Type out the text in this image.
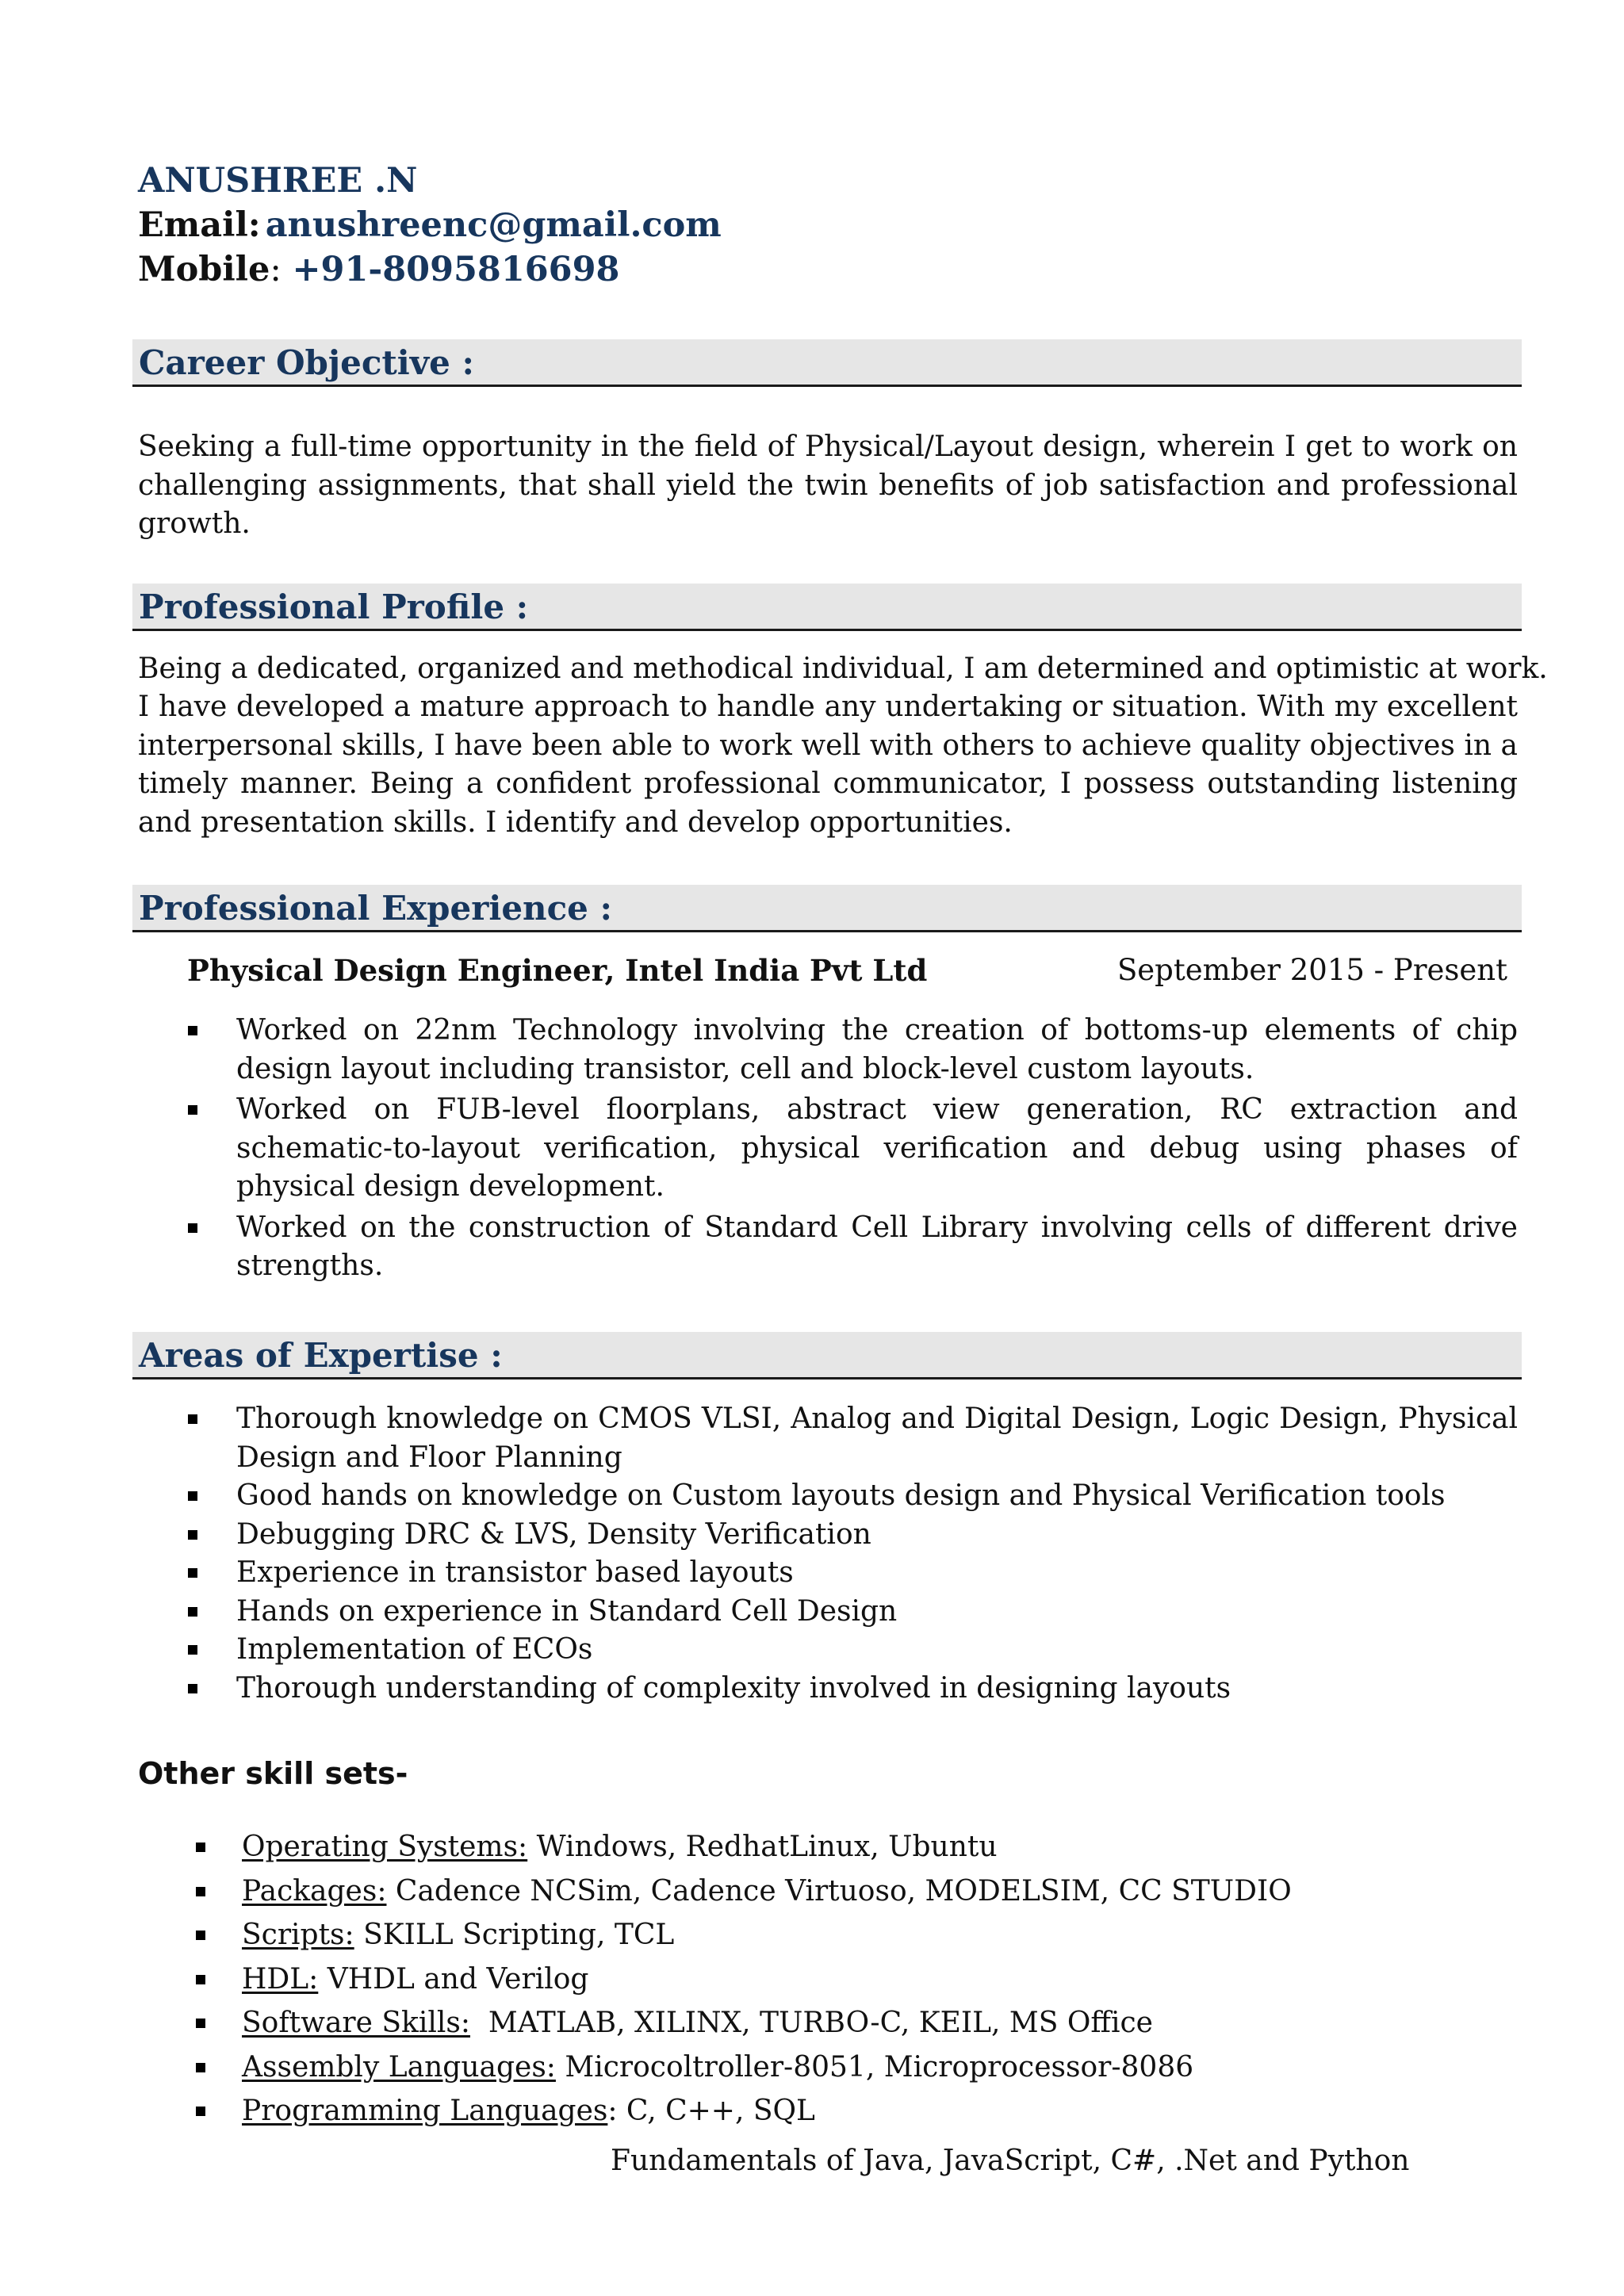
ANUSHREE .N
Email: anushreenc@gmail.com
Mobile: +91-8095816698
Career Objective :

Seeking a full-time opportunity in the field of Physical/Layout design, wherein I get to work on challenging assignments, that shall yield the twin benefits of job satisfaction and professional growth.

Professional Profile :

Being a dedicated, organized and methodical individual, I am determined and optimistic at work.

I have developed a mature approach to handle any undertaking or situation. With my excellent interpersonal skills, I have been able to work well with others to achieve quality objectives in a timely manner. Being a confident professional communicator, I possess outstanding listening and presentation skills. I identify and develop opportunities.

Professional Experience :
Physical Design Engineer, Intel India Pvt Ltd	September 2015 - Present
Worked on 22nm Technology involving the creation of bottoms-up elements of chip design layout including transistor, cell and block-level custom layouts.
Worked on FUB-level floorplans, abstract view generation, RC extraction and schematic-to-layout verification, physical verification and debug using phases of physical design development.
Worked on the construction of Standard Cell Library involving cells of different drive strengths.
Areas of Expertise :
Thorough knowledge on CMOS VLSI, Analog and Digital Design, Logic Design, Physical Design and Floor Planning
Good hands on knowledge on Custom layouts design and Physical Verification tools
Debugging DRC & LVS, Density Verification
Experience in transistor based layouts
Hands on experience in Standard Cell Design
Implementation of ECOs
Thorough understanding of complexity involved in designing layouts
Other skill sets-
Operating Systems: Windows, RedhatLinux, Ubuntu
Packages: Cadence NCSim, Cadence Virtuoso, MODELSIM, CC STUDIO
Scripts: SKILL Scripting, TCL
HDL: VHDL and Verilog
Software Skills:  MATLAB, XILINX, TURBO-C, KEIL, MS Office
Assembly Languages: Microcoltroller-8051, Microprocessor-8086
Programming Languages: C, C++, SQL
Fundamentals of Java, JavaScript, C#, .Net and Python
